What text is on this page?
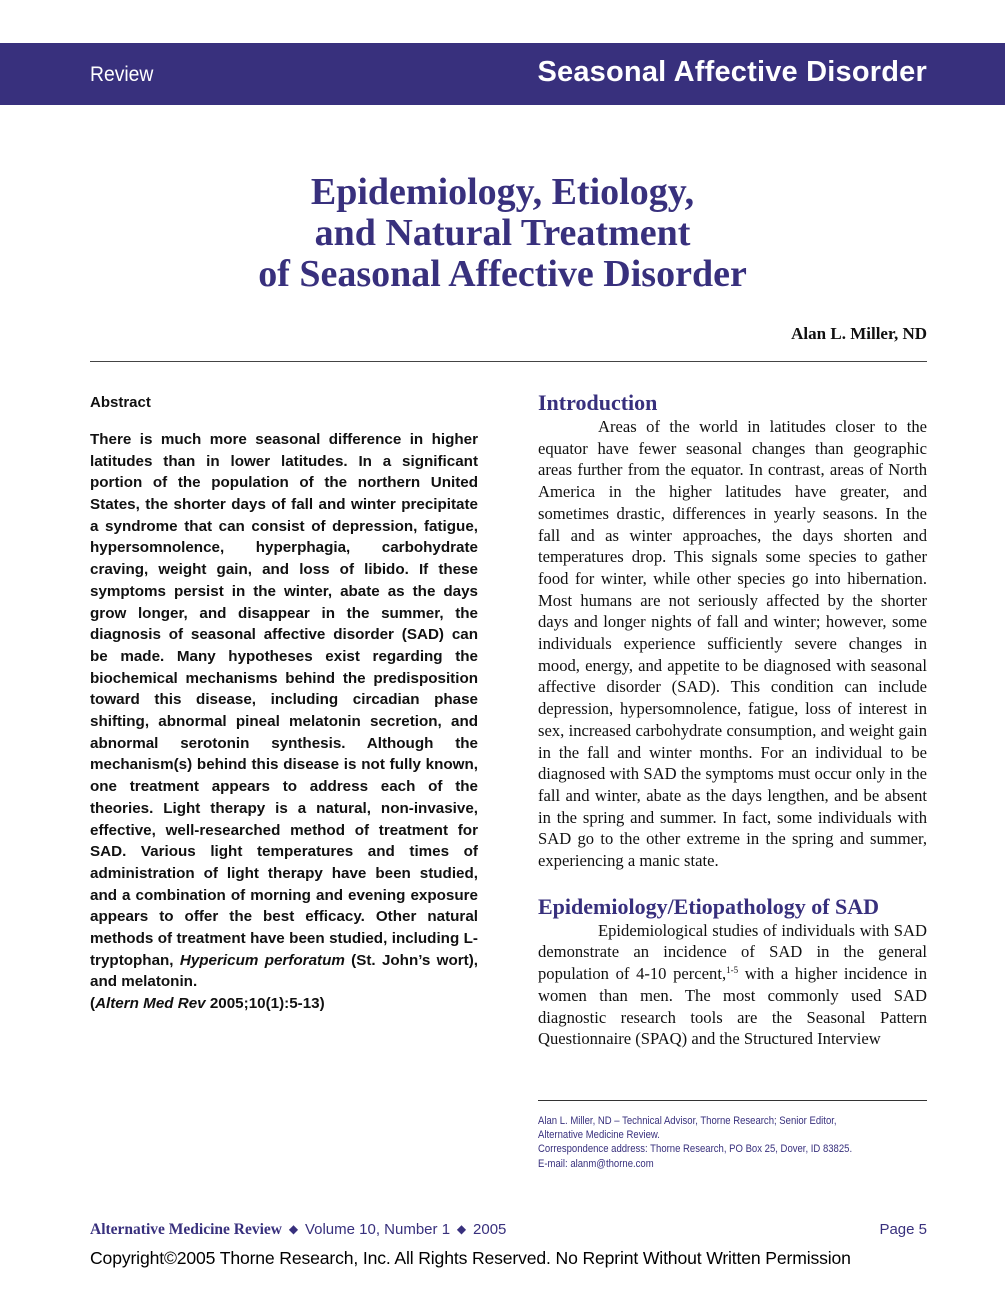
Review	Seasonal Affective Disorder
Epidemiology, Etiology,
and Natural Treatment
of Seasonal Affective Disorder
Alan L. Miller, ND
Abstract

There is much more seasonal difference in higher latitudes than in lower latitudes. In a significant portion of the population of the northern United States, the shorter days of fall and winter precipitate a syndrome that can consist of depression, fatigue, hypersomnolence, hyperphagia, carbohydrate craving, weight gain, and loss of libido. If these symptoms persist in the winter, abate as the days grow longer, and disappear in the summer, the diagnosis of seasonal affective disorder (SAD) can be made. Many hypotheses exist regarding the biochemical mechanisms behind the predisposition toward this disease, including circadian phase shifting, abnormal pineal melatonin secretion, and abnormal serotonin synthesis. Although the mechanism(s) behind this disease is not fully known, one treatment appears to address each of the theories. Light therapy is a natural, non-invasive, effective, well-researched method of treatment for SAD. Various light temperatures and times of administration of light therapy have been studied, and a combination of morning and evening exposure appears to offer the best efficacy. Other natural methods of treatment have been studied, including L-tryptophan, Hypericum perforatum (St. John’s wort), and melatonin.
(Altern Med Rev 2005;10(1):5-13)

Introduction

Areas of the world in latitudes closer to the equator have fewer seasonal changes than geographic areas further from the equator. In contrast, areas of North America in the higher latitudes have greater, and sometimes drastic, differences in yearly seasons. In the fall and as winter approaches, the days shorten and temperatures drop. This signals some species to gather food for winter, while other species go into hibernation. Most humans are not seriously affected by the shorter days and longer nights of fall and winter; however, some individuals experience sufficiently severe changes in mood, energy, and appetite to be diagnosed with seasonal affective disorder (SAD). This condition can include depression, hypersomnolence, fatigue, loss of interest in sex, increased carbohydrate consumption, and weight gain in the fall and winter months. For an individual to be diagnosed with SAD the symptoms must occur only in the fall and winter, abate as the days lengthen, and be absent in the spring and summer. In fact, some individuals with SAD go to the other extreme in the spring and summer, experiencing a manic state.

Epidemiology/Etiopathology of SAD

Epidemiological studies of individuals with SAD demonstrate an incidence of SAD in the general population of 4-10 percent,$^{1-5}$ with a higher incidence in women than men. The most commonly used SAD diagnostic research tools are the Seasonal Pattern Questionnaire (SPAQ) and the Structured Interview

Alan L. Miller, ND – Technical Advisor, Thorne Research; Senior Editor,
Alternative Medicine Review.
Correspondence address: Thorne Research, PO Box 25, Dover, ID 83825.
E-mail: alanm@thorne.com
Alternative Medicine Review ◆ Volume 10, Number 1 ◆ 2005	Page 5
Copyright©2005 Thorne Research, Inc. All Rights Reserved. No Reprint Without Written Permission
